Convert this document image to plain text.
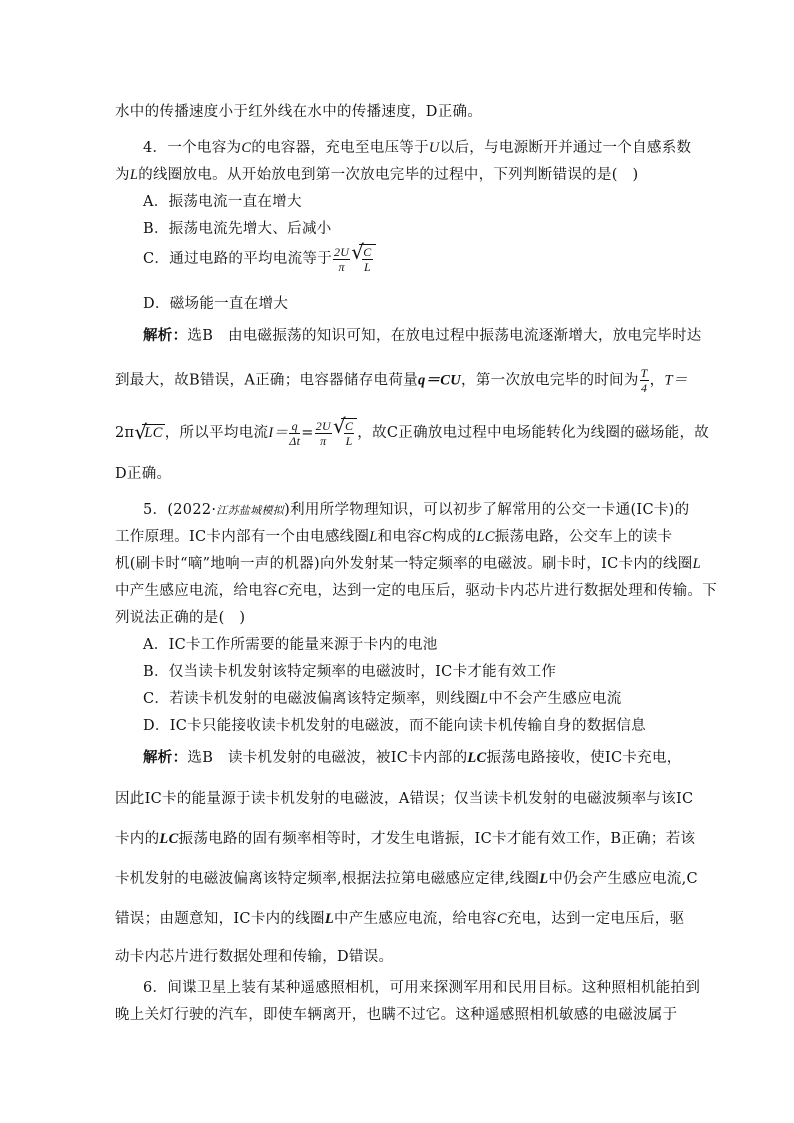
水中的传播速度小于红外线在水中的传播速度，D正确。
4．一个电容为C的电容器，充电至电压等于U以后，与电源断开并通过一个自感系数
为L的线圈放电。从开始放电到第一次放电完毕的过程中，下列判断错误的是(　)
A．振荡电流一直在增大
B．振荡电流先增大、后减小
C．通过电路的平均电流等于 $\frac{2U}{\pi}$ √
$\frac{C}{L}$
D．磁场能一直在增大
解析：选B　由电磁振荡的知识可知，在放电过程中振荡电流逐渐增大，放电完毕时达
到最大，故B错误，A正确；电容器储存电荷量q＝CU，第一次放电完毕的时间为 $\frac{T}{4}$ ，T＝
2π √
LC ，所以平均电流$I= \frac{q}{\Delta t} = \frac{2U}{\pi}$ √
$\frac{C}{L}$ ，故C正确放电过程中电场能转化为线圈的磁场能，故
D正确。
5．(2022·江苏盐城模拟)利用所学物理知识，可以初步了解常用的公交一卡通(IC卡)的
工作原理。IC卡内部有一个由电感线圈L和电容C构成的LC振荡电路，公交车上的读卡
机(刷卡时“嘀”地响一声的机器)向外发射某一特定频率的电磁波。刷卡时，IC卡内的线圈L
中产生感应电流，给电容C充电，达到一定的电压后，驱动卡内芯片进行数据处理和传输。下
列说法正确的是(　)
A．IC卡工作所需要的能量来源于卡内的电池
B．仅当读卡机发射该特定频率的电磁波时，IC卡才能有效工作
C．若读卡机发射的电磁波偏离该特定频率，则线圈L中不会产生感应电流
D．IC卡只能接收读卡机发射的电磁波，而不能向读卡机传输自身的数据信息
解析：选B　读卡机发射的电磁波，被IC卡内部的LC振荡电路接收，使IC卡充电，
因此IC卡的能量源于读卡机发射的电磁波，A错误；仅当读卡机发射的电磁波频率与该IC
卡内的LC振荡电路的固有频率相等时，才发生电谐振，IC卡才能有效工作，B正确；若该
卡机发射的电磁波偏离该特定频率,根据法拉第电磁感应定律,线圈L中仍会产生感应电流,C
错误；由题意知，IC卡内的线圈L中产生感应电流，给电容C充电，达到一定电压后，驱
动卡内芯片进行数据处理和传输，D错误。
6．间谍卫星上装有某种遥感照相机，可用来探测军用和民用目标。这种照相机能拍到
晚上关灯行驶的汽车，即使车辆离开，也瞒不过它。这种遥感照相机敏感的电磁波属于
